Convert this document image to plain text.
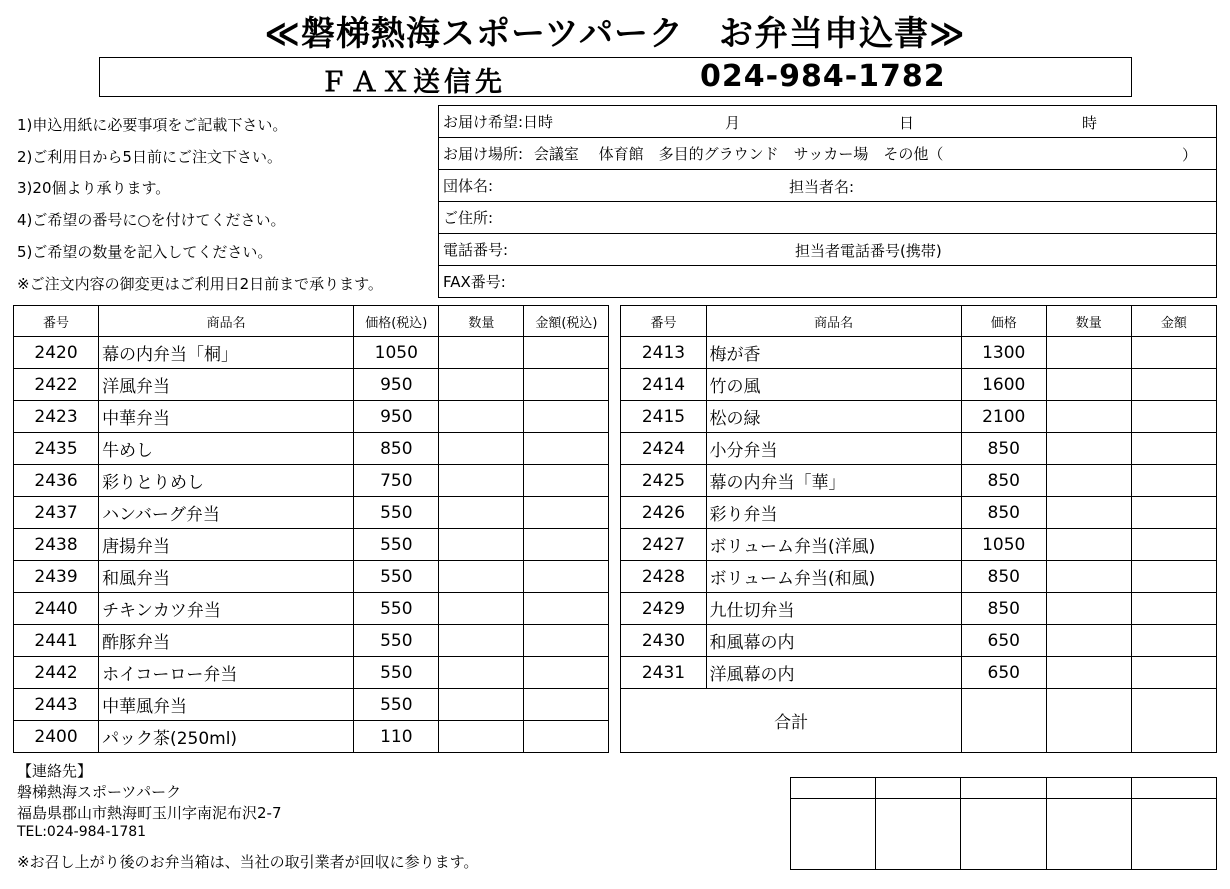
≪磐梯熱海スポーツパーク　お弁当申込書≫
ＦＡＸ送信先	024-984-1782
1)申込用紙に必要事項をご記載下さい。
2)ご利用日から5日前にご注文下さい。
3)20個より承ります。
4)ご希望の番号に○を付けてください。
5)ご希望の数量を記入してください。
※ご注文内容の御変更はご利用日2日前まで承ります。
お届け希望:日時	月	日	時

お届け場所: 会議室　 体育館　多目的グラウンド　サッカー場　その他（	）

団体名:	担当者名:

ご住所:
電話番号:	担当者電話番号(携帯)

FAX番号:
番号	商品名	価格(税込)	数量	金額(税込)		番号	商品名	価格	数量	金額
2420	幕の内弁当「桐」	1050				2413	梅が香	1300		
2422	洋風弁当	950				2414	竹の風	1600		
2423	中華弁当	950				2415	松の緑	2100		
2435	牛めし	850				2424	小分弁当	850		
2436	彩りとりめし	750				2425	幕の内弁当「華」	850		
2437	ハンバーグ弁当	550				2426	彩り弁当	850		
2438	唐揚弁当	550				2427	ボリューム弁当(洋風)	1050		
2439	和風弁当	550				2428	ボリューム弁当(和風)	850		
2440	チキンカツ弁当	550				2429	九仕切弁当	850		
2441	酢豚弁当	550				2430	和風幕の内	650		
2442	ホイコーロー弁当	550				2431	洋風幕の内	650		
2443	中華風弁当	550				合計				
2400	パック茶(250ml)	110								
【連絡先】
磐梯熱海スポーツパーク
福島県郡山市熱海町玉川字南泥布沢2-7
TEL:024-984-1781
※お召し上がり後のお弁当箱は、当社の取引業者が回収に参ります。
